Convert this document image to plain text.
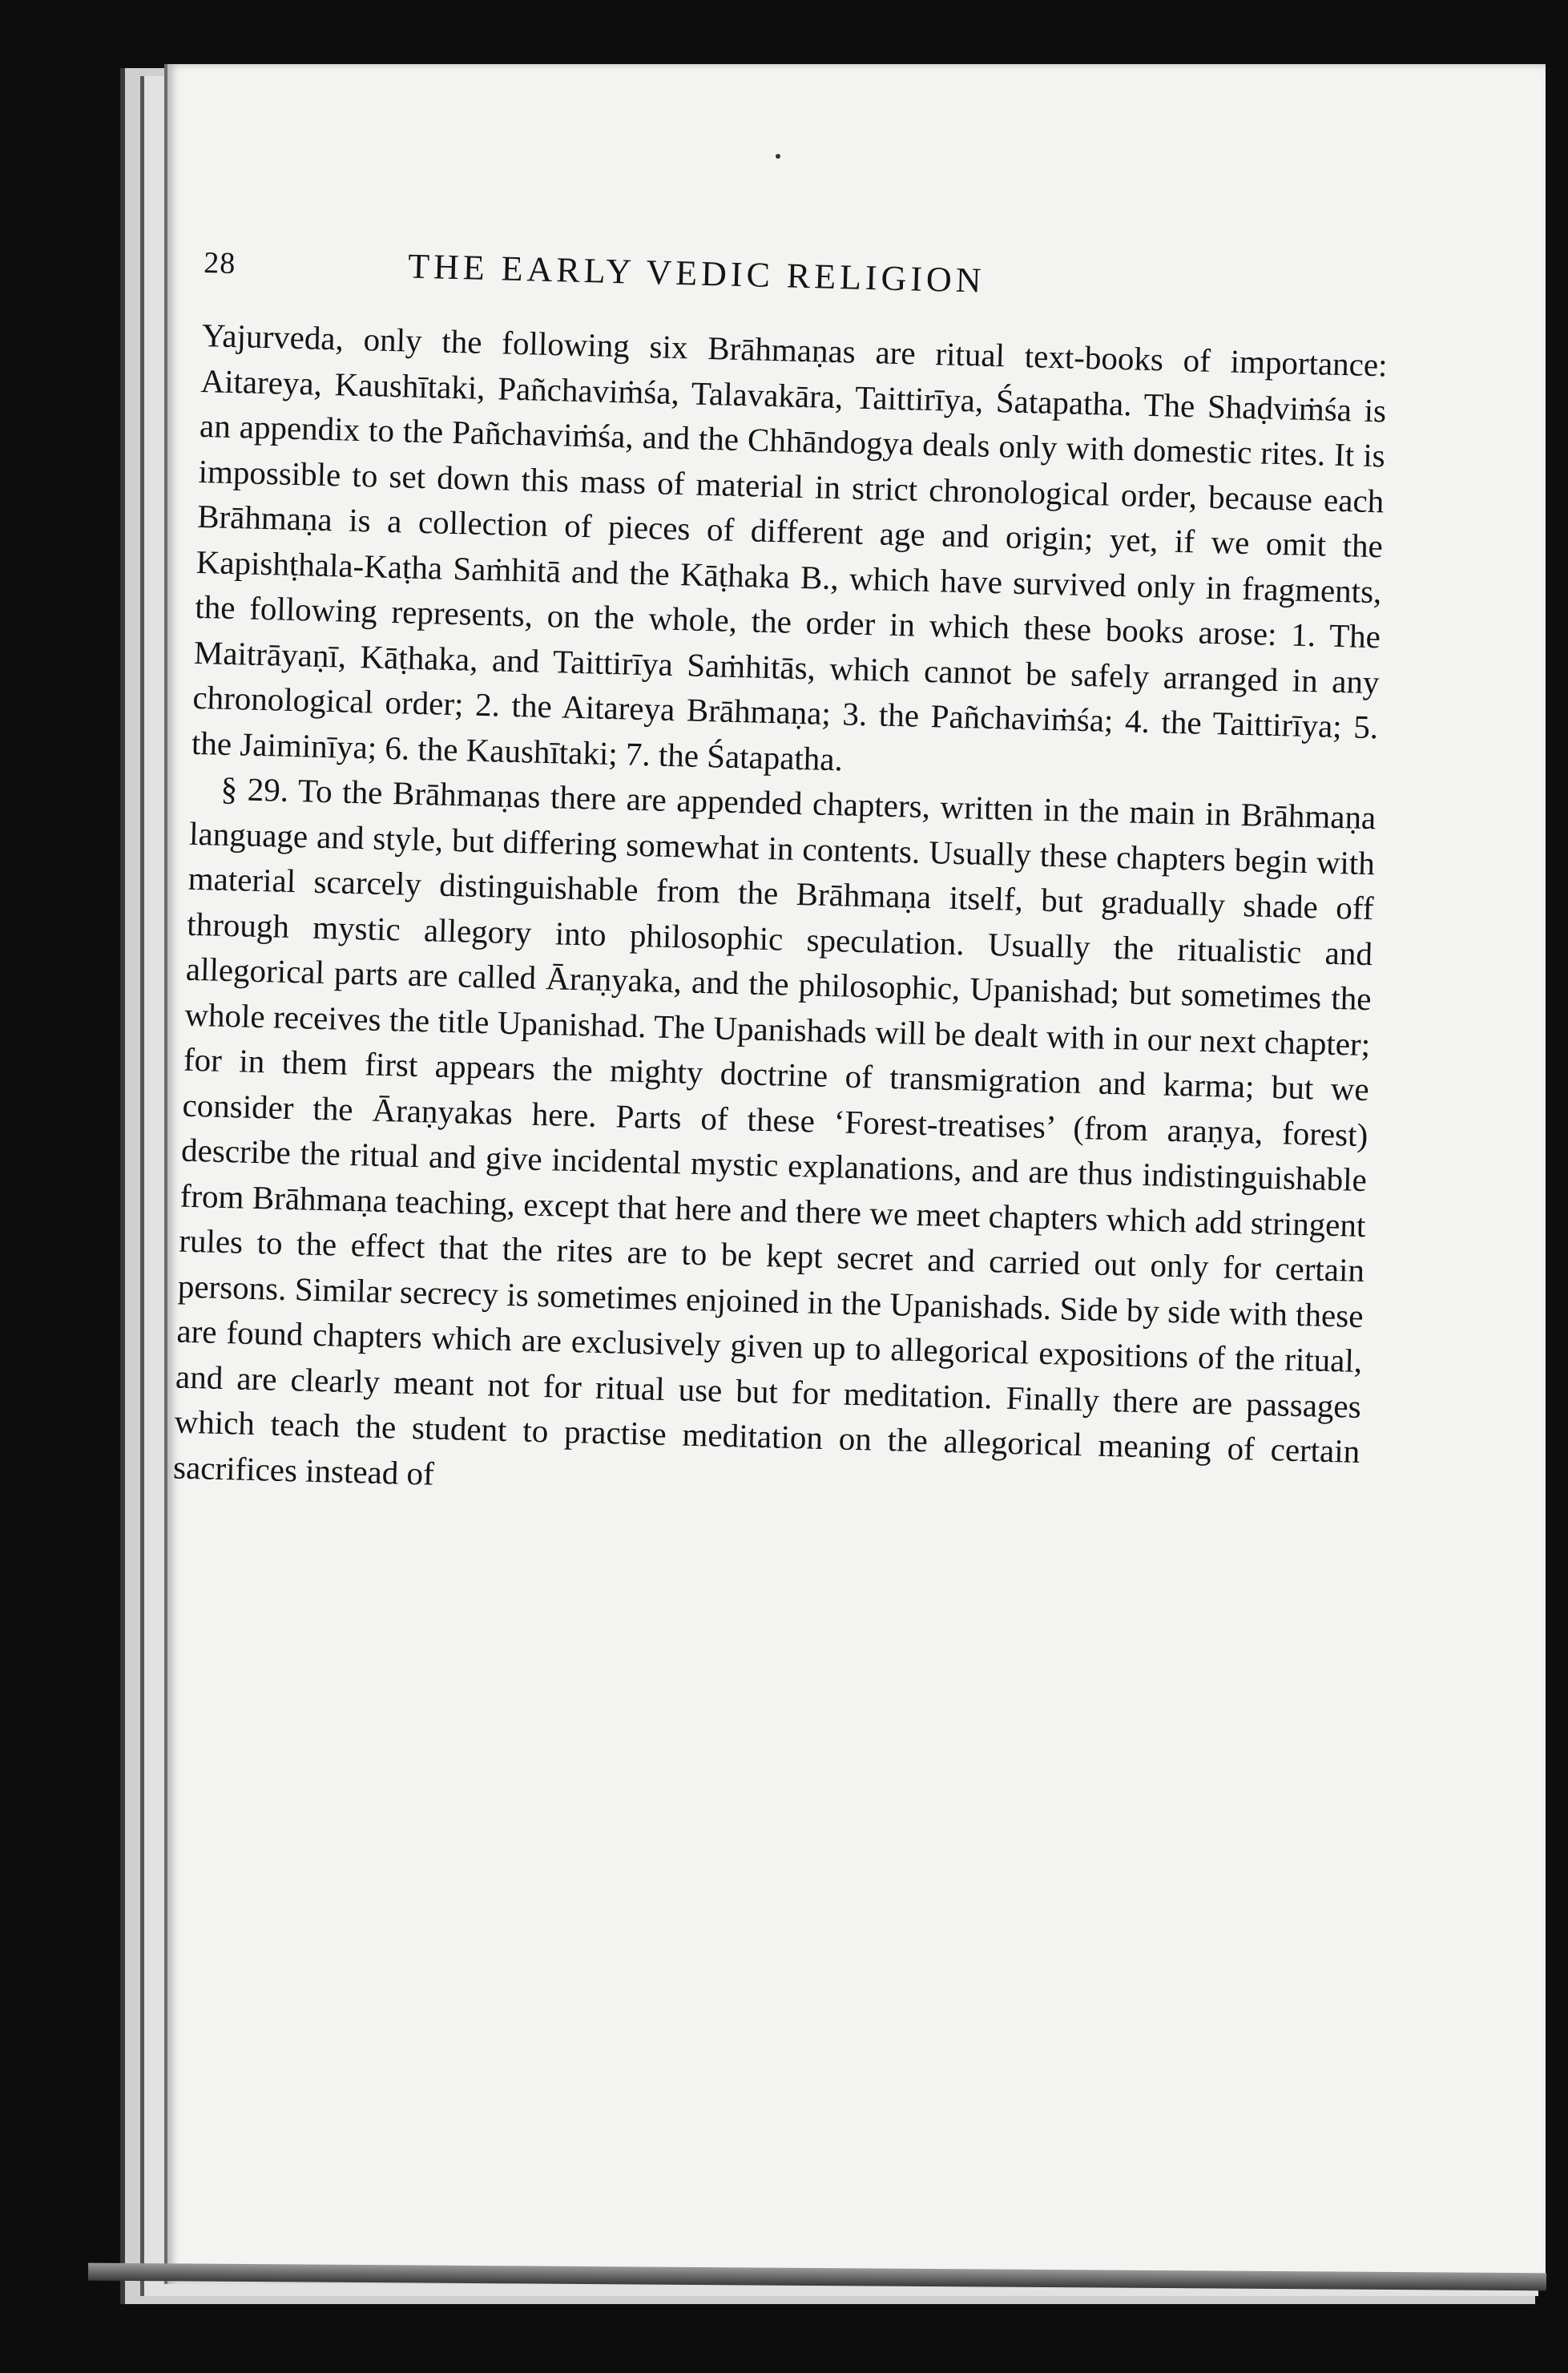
28	THE EARLY VEDIC RELIGION

Yajurveda, only the following six Brāhmaṇas are ritual text-books of importance: Aitareya, Kaushītaki, Pañchaviṁśa, Talavakāra, Taittirīya, Śatapatha. The Shaḍviṁśa is an appendix to the Pañchaviṁśa, and the Chhāndogya deals only with domestic rites. It is impossible to set down this mass of material in strict chronological order, because each Brāhmaṇa is a collection of pieces of different age and origin; yet, if we omit the Kapishṭhala-Kaṭha Saṁhitā and the Kāṭhaka B., which have survived only in fragments, the following represents, on the whole, the order in which these books arose: 1. The Maitrāyaṇī, Kāṭhaka, and Taittirīya Saṁhitās, which cannot be safely arranged in any chronological order; 2. the Aitareya Brāhmaṇa; 3. the Pañchaviṁśa; 4. the Taittirīya; 5. the Jaiminīya; 6. the Kaushītaki; 7. the Śatapatha.

§ 29. To the Brāhmaṇas there are appended chapters, written in the main in Brāhmaṇa language and style, but differing somewhat in contents. Usually these chapters begin with material scarcely distinguishable from the Brāhmaṇa itself, but gradually shade off through mystic allegory into philosophic speculation. Usually the ritualistic and allegorical parts are called Āraṇyaka, and the philosophic, Upanishad; but sometimes the whole receives the title Upanishad. The Upanishads will be dealt with in our next chapter; for in them first appears the mighty doctrine of transmigration and karma; but we consider the Āraṇyakas here. Parts of these ‘Forest-treatises’ (from araṇya, forest) describe the ritual and give incidental mystic explanations, and are thus indistinguishable from Brāhmaṇa teaching, except that here and there we meet chapters which add stringent rules to the effect that the rites are to be kept secret and carried out only for certain persons. Similar secrecy is sometimes enjoined in the Upanishads. Side by side with these are found chapters which are exclusively given up to allegorical expositions of the ritual, and are clearly meant not for ritual use but for meditation. Finally there are passages which teach the student to practise meditation on the allegorical meaning of certain sacrifices instead of
